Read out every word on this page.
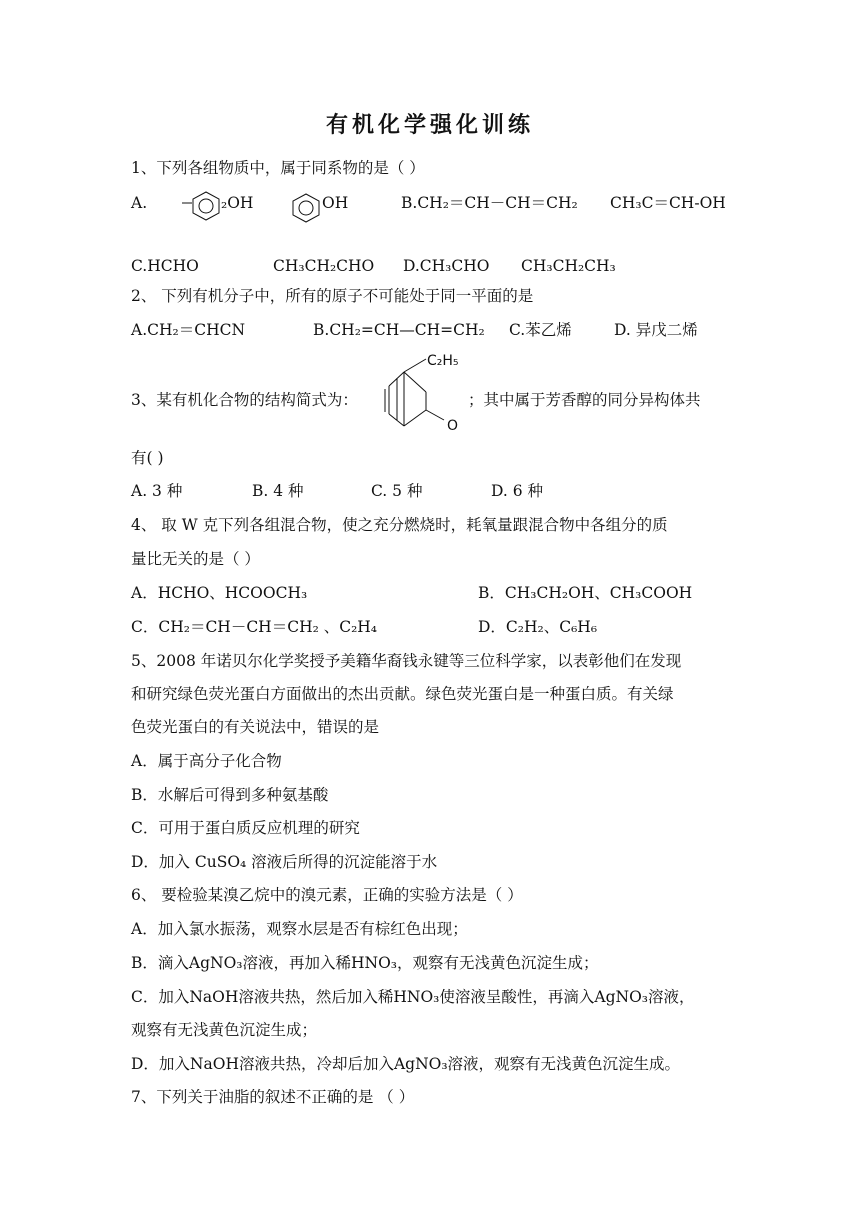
有机化学强化训练
1、下列各组物质中，属于同系物的是（ ）
A.	₂OH	OH	B.CH₂＝CH－CH＝CH₂ CH₃C＝CH-OH
C.HCHO	CH₃CH₂CHO D.CH₃CHO CH₃CH₂CH₃
2、 下列有机分子中，所有的原子不可能处于同一平面的是
A.CH₂＝CHCN	B.CH₂=CH—CH=CH₂ C.苯乙烯	D. 异戊二烯
3、某有机化合物的结构简式为：
C₂H₅
O
；其中属于芳香醇的同分异构体共
有( )
A. 3 种	B. 4 种	C. 5 种	D. 6 种
4、 取 W 克下列各组混合物，使之充分燃烧时，耗氧量跟混合物中各组分的质
量比无关的是（ ）
A．HCHO、HCOOCH₃	B．CH₃CH₂OH、CH₃COOH
C．CH₂＝CH－CH＝CH₂ 、C₂H₄	D．C₂H₂、C₆H₆
5、2008 年诺贝尔化学奖授予美籍华裔钱永键等三位科学家，以表彰他们在发现
和研究绿色荧光蛋白方面做出的杰出贡献。绿色荧光蛋白是一种蛋白质。有关绿
色荧光蛋白的有关说法中，错误的是
A．属于高分子化合物
B．水解后可得到多种氨基酸
C．可用于蛋白质反应机理的研究
D．加入 CuSO₄ 溶液后所得的沉淀能溶于水
6、 要检验某溴乙烷中的溴元素，正确的实验方法是（ ）
A．加入氯水振荡，观察水层是否有棕红色出现；
B．滴入AgNO₃溶液，再加入稀HNO₃，观察有无浅黄色沉淀生成；
C．加入NaOH溶液共热，然后加入稀HNO₃使溶液呈酸性，再滴入AgNO₃溶液，
观察有无浅黄色沉淀生成；
D．加入NaOH溶液共热，冷却后加入AgNO₃溶液，观察有无浅黄色沉淀生成。
7、下列关于油脂的叙述不正确的是 （ ）
